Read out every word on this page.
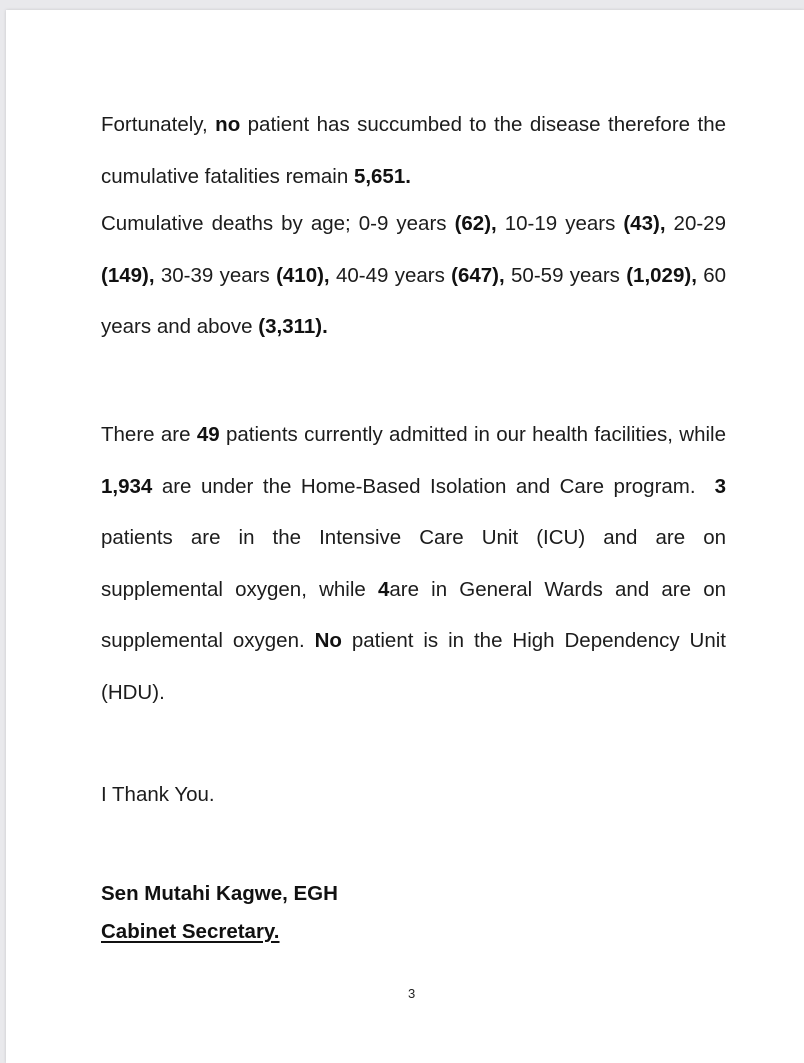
Fortunately, no patient has succumbed to the disease therefore the cumulative fatalities remain 5,651.

Cumulative deaths by age; 0-9 years (62), 10-19 years (43), 20-29 (149), 30-39 years (410), 40-49 years (647), 50-59 years (1,029), 60 years and above (3,311).

There are 49 patients currently admitted in our health facilities, while 1,934 are under the Home-Based Isolation and Care program.  3 patients are in the Intensive Care Unit (ICU) and are on supplemental oxygen, while 4are in General Wards and are on supplemental oxygen. No patient is in the High Dependency Unit (HDU).

I Thank You.

Sen Mutahi Kagwe, EGH
Cabinet Secretary.
3
